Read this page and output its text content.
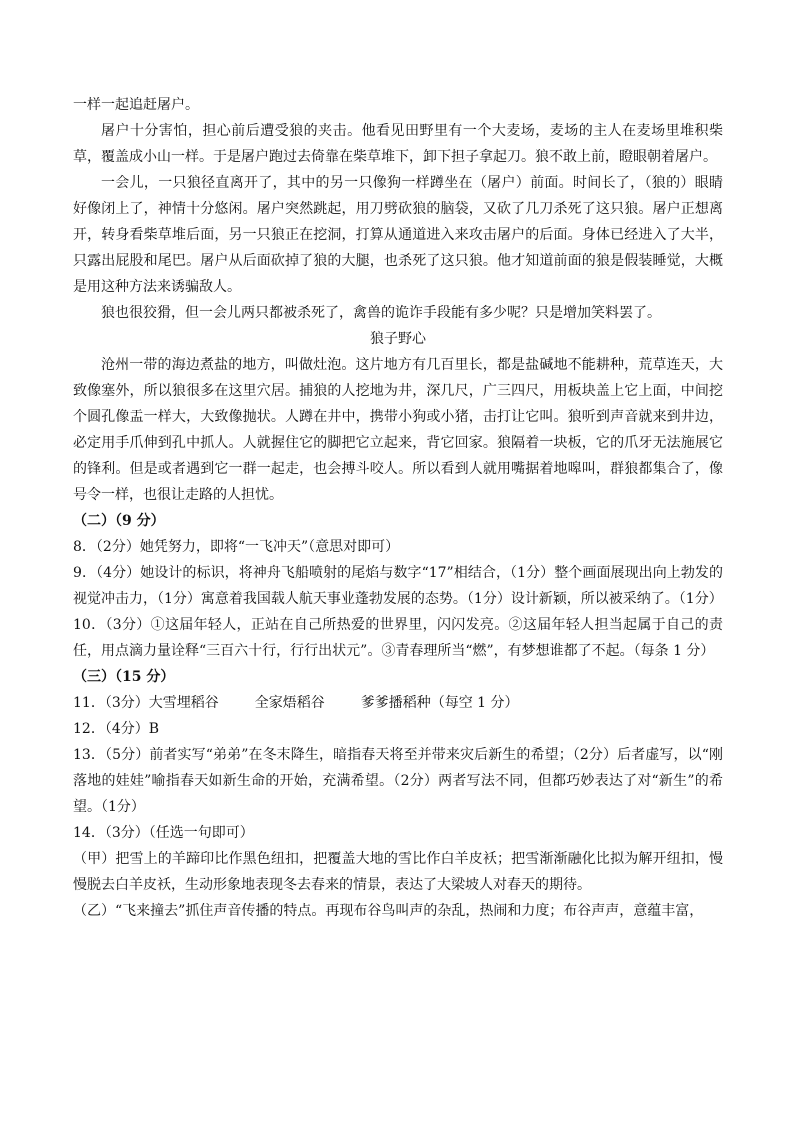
一样一起追赶屠户。

屠户十分害怕，担心前后遭受狼的夹击。他看见田野里有一个大麦场，麦场的主人在麦场里堆积柴草，覆盖成小山一样。于是屠户跑过去倚靠在柴草堆下，卸下担子拿起刀。狼不敢上前，瞪眼朝着屠户。

一会儿，一只狼径直离开了，其中的另一只像狗一样蹲坐在（屠户）前面。时间长了，（狼的）眼睛好像闭上了，神情十分悠闲。屠户突然跳起，用刀劈砍狼的脑袋，又砍了几刀杀死了这只狼。屠户正想离开，转身看柴草堆后面，另一只狼正在挖洞，打算从通道进入来攻击屠户的后面。身体已经进入了大半，只露出屁股和尾巴。屠户从后面砍掉了狼的大腿，也杀死了这只狼。他才知道前面的狼是假装睡觉，大概是用这种方法来诱骗敌人。

狼也很狡猾，但一会儿两只都被杀死了，禽兽的诡诈手段能有多少呢？只是增加笑料罢了。

狼子野心

沧州一带的海边煮盐的地方，叫做灶泡。这片地方有几百里长，都是盐碱地不能耕种，荒草连天，大致像塞外，所以狼很多在这里穴居。捕狼的人挖地为井，深几尺，广三四尺，用板块盖上它上面，中间挖个圆孔像盂一样大，大致像抛状。人蹲在井中，携带小狗或小猪，击打让它叫。狼听到声音就来到井边，必定用手爪伸到孔中抓人。人就握住它的脚把它立起来，背它回家。狼隔着一块板，它的爪牙无法施展它的锋利。但是或者遇到它一群一起走，也会搏斗咬人。所以看到人就用嘴据着地嗥叫，群狼都集合了，像号令一样，也很让走路的人担忧。

（二）（9 分）

8．（2分）她凭努力，即将“一飞冲天”（意思对即可）

9．（4分）她设计的标识，将神舟飞船喷射的尾焰与数字“17”相结合，（1分）整个画面展现出向上勃发的视觉冲击力，（1分）寓意着我国载人航天事业蓬勃发展的态势。（1分）设计新颖，所以被采纳了。（1分）

10．（3分）①这届年轻人，正站在自己所热爱的世界里，闪闪发亮。②这届年轻人担当起属于自己的责任，用点滴力量诠释“三百六十行，行行出状元”。③青春理所当“燃”，有梦想谁都了不起。（每条 1 分）

（三）（15 分）

11．（3分）大雪埋稻谷	全家焐稻谷	爹爹播稻种（每空 1 分）

12．（4分）B

13．（5分）前者实写“弟弟”在冬末降生，暗指春天将至并带来灾后新生的希望；（2分）后者虚写，以“刚落地的娃娃”喻指春天如新生命的开始，充满希望。（2分）两者写法不同，但都巧妙表达了对“新生”的希望。（1分）

14．（3分）（任选一句即可）

（甲）把雪上的羊蹄印比作黑色纽扣，把覆盖大地的雪比作白羊皮袄；把雪渐渐融化比拟为解开纽扣，慢慢脱去白羊皮袄，生动形象地表现冬去春来的情景，表达了大梁坡人对春天的期待。

（乙）“飞来撞去”抓住声音传播的特点。再现布谷鸟叫声的杂乱，热闹和力度；布谷声声，意蕴丰富，
